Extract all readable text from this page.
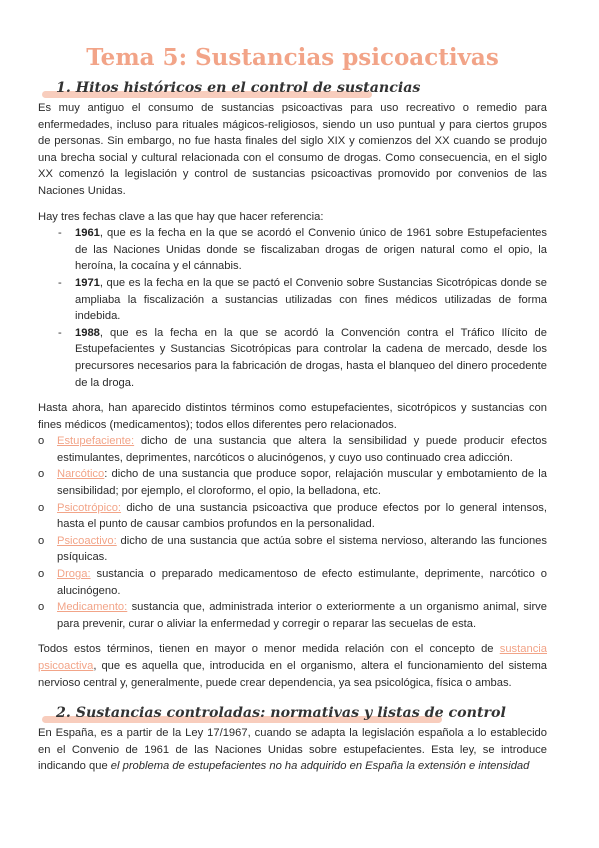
Tema 5: Sustancias psicoactivas
1. Hitos históricos en el control de sustancias

Es muy antiguo el consumo de sustancias psicoactivas para uso recreativo o remedio para enfermedades, incluso para rituales mágicos-religiosos, siendo un uso puntual y para ciertos grupos de personas. Sin embargo, no fue hasta finales del siglo XIX y comienzos del XX cuando se produjo una brecha social y cultural relacionada con el consumo de drogas. Como consecuencia, en el siglo XX comenzó la legislación y control de sustancias psicoactivas promovido por convenios de las Naciones Unidas.

Hay tres fechas clave a las que hay que hacer referencia:

- 1961, que es la fecha en la que se acordó el Convenio único de 1961 sobre Estupefacientes de las Naciones Unidas donde se fiscalizaban drogas de origen natural como el opio, la heroína, la cocaína y el cánnabis.
- 1971, que es la fecha en la que se pactó el Convenio sobre Sustancias Sicotrópicas donde se ampliaba la fiscalización a sustancias utilizadas con fines médicos utilizadas de forma indebida.
- 1988, que es la fecha en la que se acordó la Convención contra el Tráfico Ilícito de Estupefacientes y Sustancias Sicotrópicas para controlar la cadena de mercado, desde los precursores necesarios para la fabricación de drogas, hasta el blanqueo del dinero procedente de la droga.

Hasta ahora, han aparecido distintos términos como estupefacientes, sicotrópicos y sustancias con fines médicos (medicamentos); todos ellos diferentes pero relacionados.

o Estupefaciente: dicho de una sustancia que altera la sensibilidad y puede producir efectos estimulantes, deprimentes, narcóticos o alucinógenos, y cuyo uso continuado crea adicción.
o Narcótico: dicho de una sustancia que produce sopor, relajación muscular y embotamiento de la sensibilidad; por ejemplo, el cloroformo, el opio, la belladona, etc.
o Psicotrópico: dicho de una sustancia psicoactiva que produce efectos por lo general intensos, hasta el punto de causar cambios profundos en la personalidad.
o Psicoactivo: dicho de una sustancia que actúa sobre el sistema nervioso, alterando las funciones psíquicas.
o Droga: sustancia o preparado medicamentoso de efecto estimulante, deprimente, narcótico o alucinógeno.
o Medicamento: sustancia que, administrada interior o exteriormente a un organismo animal, sirve para prevenir, curar o aliviar la enfermedad y corregir o reparar las secuelas de esta.

Todos estos términos, tienen en mayor o menor medida relación con el concepto de sustancia psicoactiva, que es aquella que, introducida en el organismo, altera el funcionamiento del sistema nervioso central y, generalmente, puede crear dependencia, ya sea psicológica, física o ambas.

2. Sustancias controladas: normativas y listas de control

En España, es a partir de la Ley 17/1967, cuando se adapta la legislación española a lo establecido en el Convenio de 1961 de las Naciones Unidas sobre estupefacientes. Esta ley, se introduce indicando que el problema de estupefacientes no ha adquirido en España la extensión e intensidad
